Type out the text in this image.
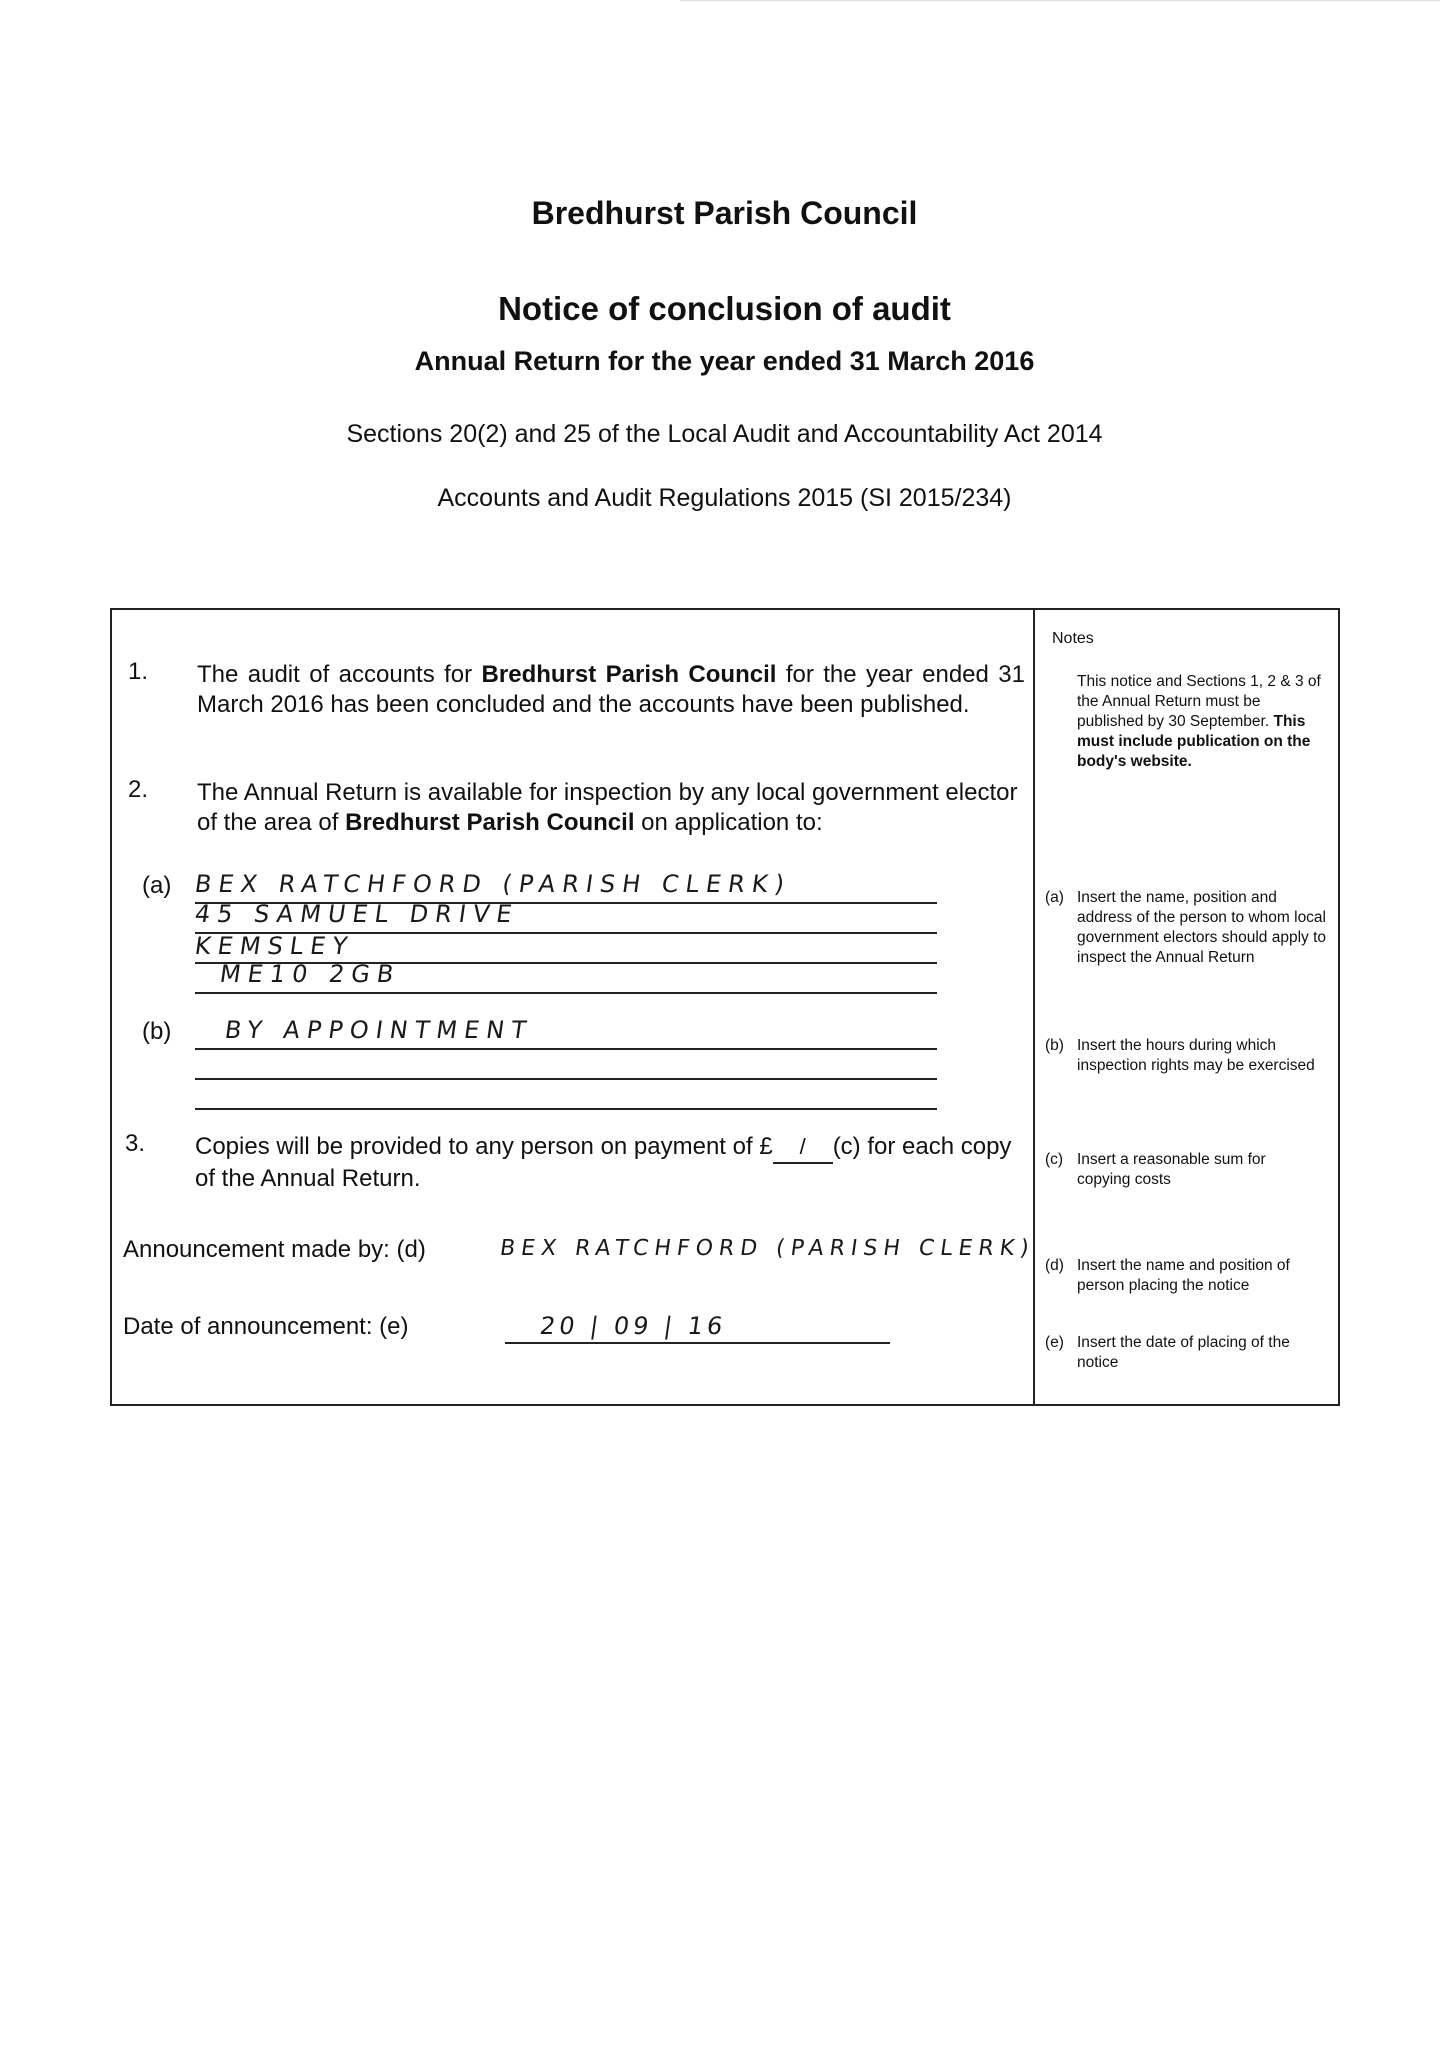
Bredhurst Parish Council
Notice of conclusion of audit
Annual Return for the year ended 31 March 2016
Sections 20(2) and 25 of the Local Audit and Accountability Act 2014
Accounts and Audit Regulations 2015 (SI 2015/234)
1. The audit of accounts for Bredhurst Parish Council for the year ended 31 March 2016 has been concluded and the accounts have been published.
2. The Annual Return is available for inspection by any local government elector of the area of Bredhurst Parish Council on application to:
(a) BEX RATCHFORD (PARISH CLERK)
45 SAMUEL DRIVE
KEMSLEY
ME10 2GB
(b) BY APPOINTMENT
3. Copies will be provided to any person on payment of £ / (c) for each copy of the Annual Return.
Announcement made by: (d)	BEX RATCHFORD (PARISH CLERK)
Date of announcement: (e)	20 | 09 | 16
Notes
This notice and Sections 1, 2 & 3 of the Annual Return must be published by 30 September. This must include publication on the body's website.
(a) Insert the name, position and address of the person to whom local government electors should apply to inspect the Annual Return
(b) Insert the hours during which inspection rights may be exercised
(c) Insert a reasonable sum for copying costs
(d) Insert the name and position of person placing the notice
(e) Insert the date of placing of the notice
